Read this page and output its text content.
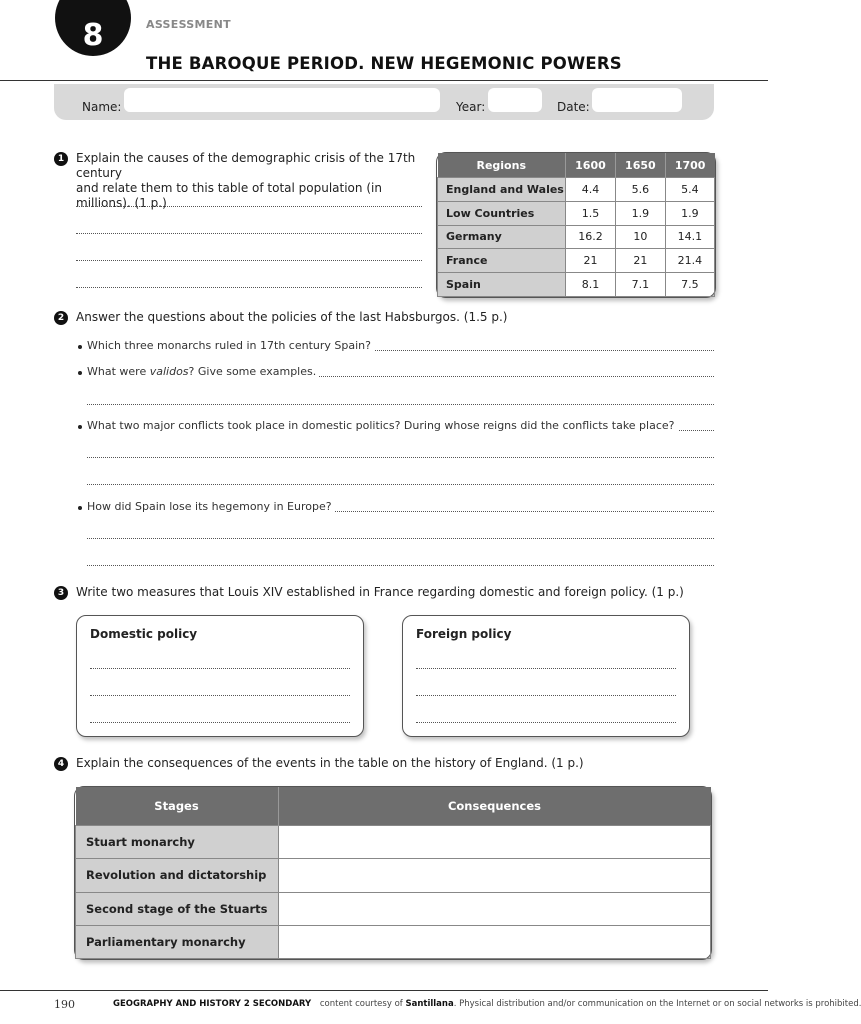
8	ASSESSMENT
THE BAROQUE PERIOD. NEW HEGEMONIC POWERS
Name:	Year:	Date:
1 Explain the causes of the demographic crisis of the 17th century
and relate them to this table of total population (in millions). (1 p.)
Regions	1600	1650	1700
England and Wales	4.4	5.6	5.4
Low Countries	1.5	1.9	1.9
Germany	16.2	10	14.1
France	21	21	21.4
Spain	8.1	7.1	7.5
2 Answer the questions about the policies of the last Habsburgos. (1.5 p.)
Which three monarchs ruled in 17th century Spain?
What were validos? Give some examples.
What two major conflicts took place in domestic politics? During whose reigns did the conflicts take place?
How did Spain lose its hegemony in Europe?
3 Write two measures that Louis XIV established in France regarding domestic and foreign policy. (1 p.)
Domestic policy	Foreign policy
4 Explain the consequences of the events in the table on the history of England. (1 p.)
Stages	Consequences
Stuart monarchy	
Revolution and dictatorship	
Second stage of the Stuarts	
Parliamentary monarchy	
190	GEOGRAPHY AND HISTORY 2 SECONDARY content courtesy of Santillana. Physical distribution and/or communication on the Internet or on social networks is prohibited.
